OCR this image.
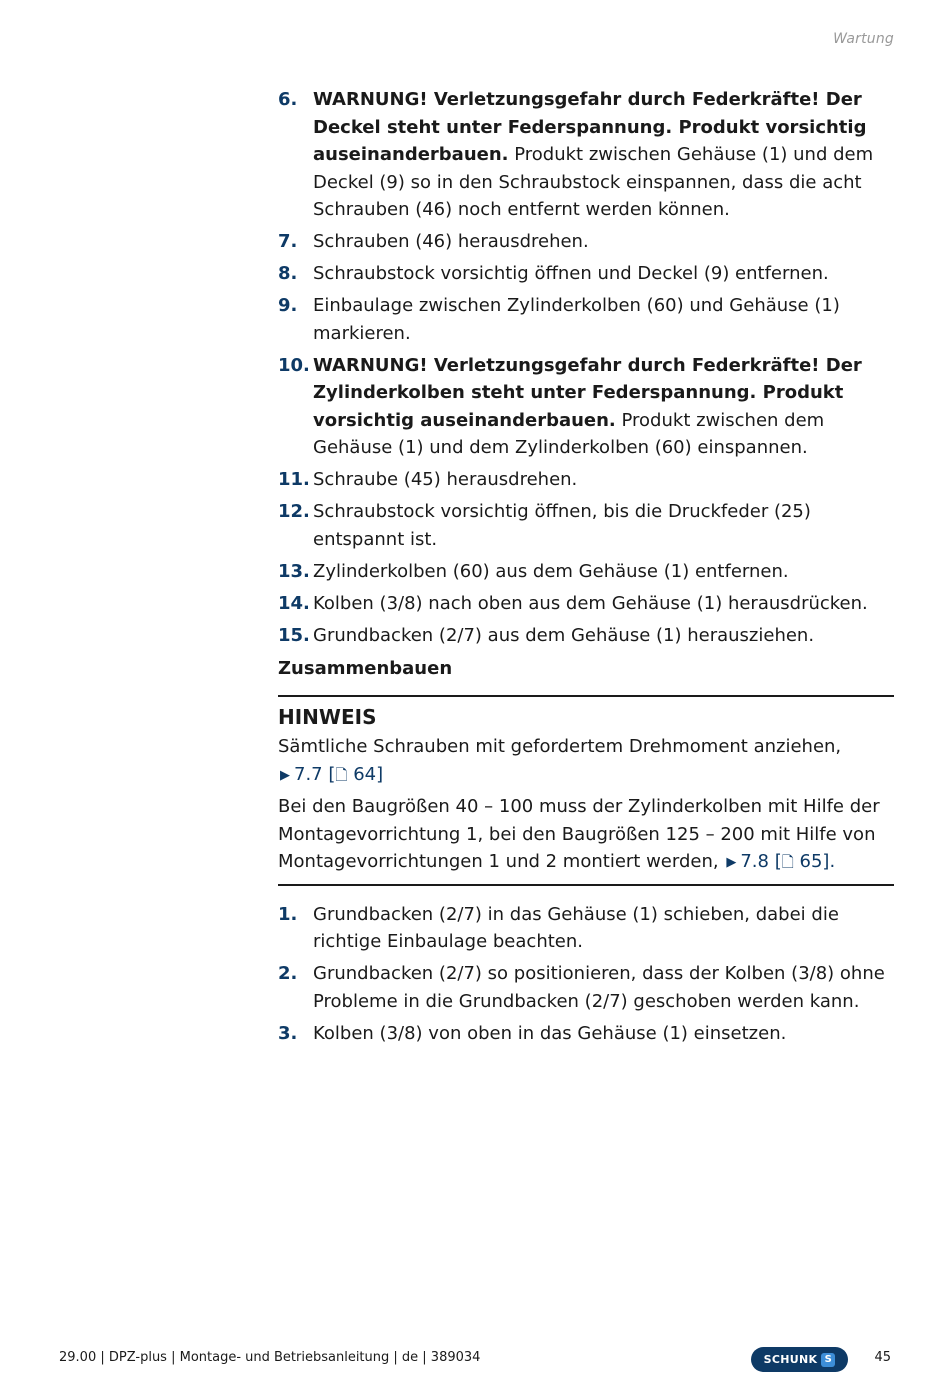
Wartung
6. WARNUNG! Verletzungsgefahr durch Federkräfte! Der Deckel steht unter Federspannung. Produkt vorsichtig auseinanderbauen. Produkt zwischen Gehäuse (1) und dem Deckel (9) so in den Schraubstock einspannen, dass die acht Schrauben (46) noch entfernt werden können.
7. Schrauben (46) herausdrehen.
8. Schraubstock vorsichtig öffnen und Deckel (9) entfernen.
9. Einbaulage zwischen Zylinderkolben (60) und Gehäuse (1) markieren.
10. WARNUNG! Verletzungsgefahr durch Federkräfte! Der Zylinderkolben steht unter Federspannung. Produkt vorsichtig auseinanderbauen. Produkt zwischen dem Gehäuse (1) und dem Zylinderkolben (60) einspannen.
11. Schraube (45) herausdrehen.
12. Schraubstock vorsichtig öffnen, bis die Druckfeder (25) entspannt ist.
13. Zylinderkolben (60) aus dem Gehäuse (1) entfernen.
14. Kolben (3/8) nach oben aus dem Gehäuse (1) herausdrücken.
15. Grundbacken (2/7) aus dem Gehäuse (1) herausziehen.
Zusammenbauen
HINWEIS

Sämtliche Schrauben mit gefordertem Drehmoment anziehen, ▶ 7.7 [🗋 64]

Bei den Baugrößen 40 – 100 muss der Zylinderkolben mit Hilfe der Montagevorrichtung 1, bei den Baugrößen 125 – 200 mit Hilfe von Montagevorrichtungen 1 und 2 montiert werden, ▶ 7.8 [🗋 65].

1. Grundbacken (2/7) in das Gehäuse (1) schieben, dabei die richtige Einbaulage beachten.
2. Grundbacken (2/7) so positionieren, dass der Kolben (3/8) ohne Probleme in die Grundbacken (2/7) geschoben werden kann.
3. Kolben (3/8) von oben in das Gehäuse (1) einsetzen.
29.00 | DPZ-plus | Montage- und Betriebsanleitung | de | 389034	SCHUNK S	45
